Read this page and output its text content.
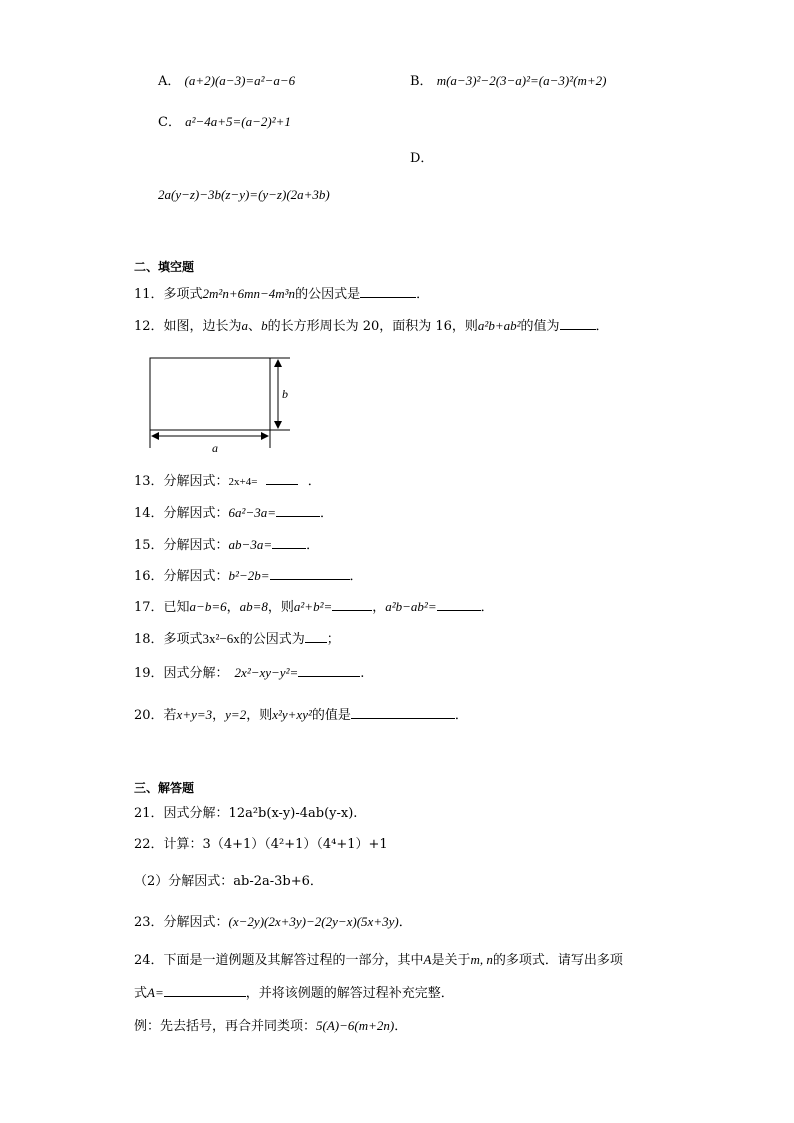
A． (a+2)(a−3)=a²−a−6	B． m(a−3)²−2(3−a)²=(a−3)²(m+2)
C． a²−4a+5=(a−2)²+1
D．
2a(y−z)−3b(z−y)=(y−z)(2a+3b)
二、填空题
11．多项式2m²n+6mn−4m³n的公因式是	．
12．如图，边长为a、b的长方形周长为 20，面积为 16，则a²b+ab²的值为	．
b
a
13．分解因式：2x+4=	．
14．分解因式：6a²−3a=	．
15．分解因式：ab−3a=	．
16．分解因式：b²−2b=	．
17．已知a−b=6，ab=8，则a²+b²=	，a²b−ab²=	．
18．多项式3x²−6x的公因式为 ；
19．因式分解： 2x²−xy−y²=	.
20．若x+y=3，y=2，则x²y+xy²的值是	．
三、解答题
21．因式分解：12a²b(x-y)-4ab(y-x).
22．计算：3（4+1）（4²+1）（4⁴+1）+1
（2）分解因式：ab-2a-3b+6．
23．分解因式：(x−2y)(2x+3y)−2(2y−x)(5x+3y)．
24．下面是一道例题及其解答过程的一部分，其中A是关于m, n的多项式．请写出多项
式A=	，并将该例题的解答过程补充完整．
例：先去括号，再合并同类项：5(A)−6(m+2n)．
